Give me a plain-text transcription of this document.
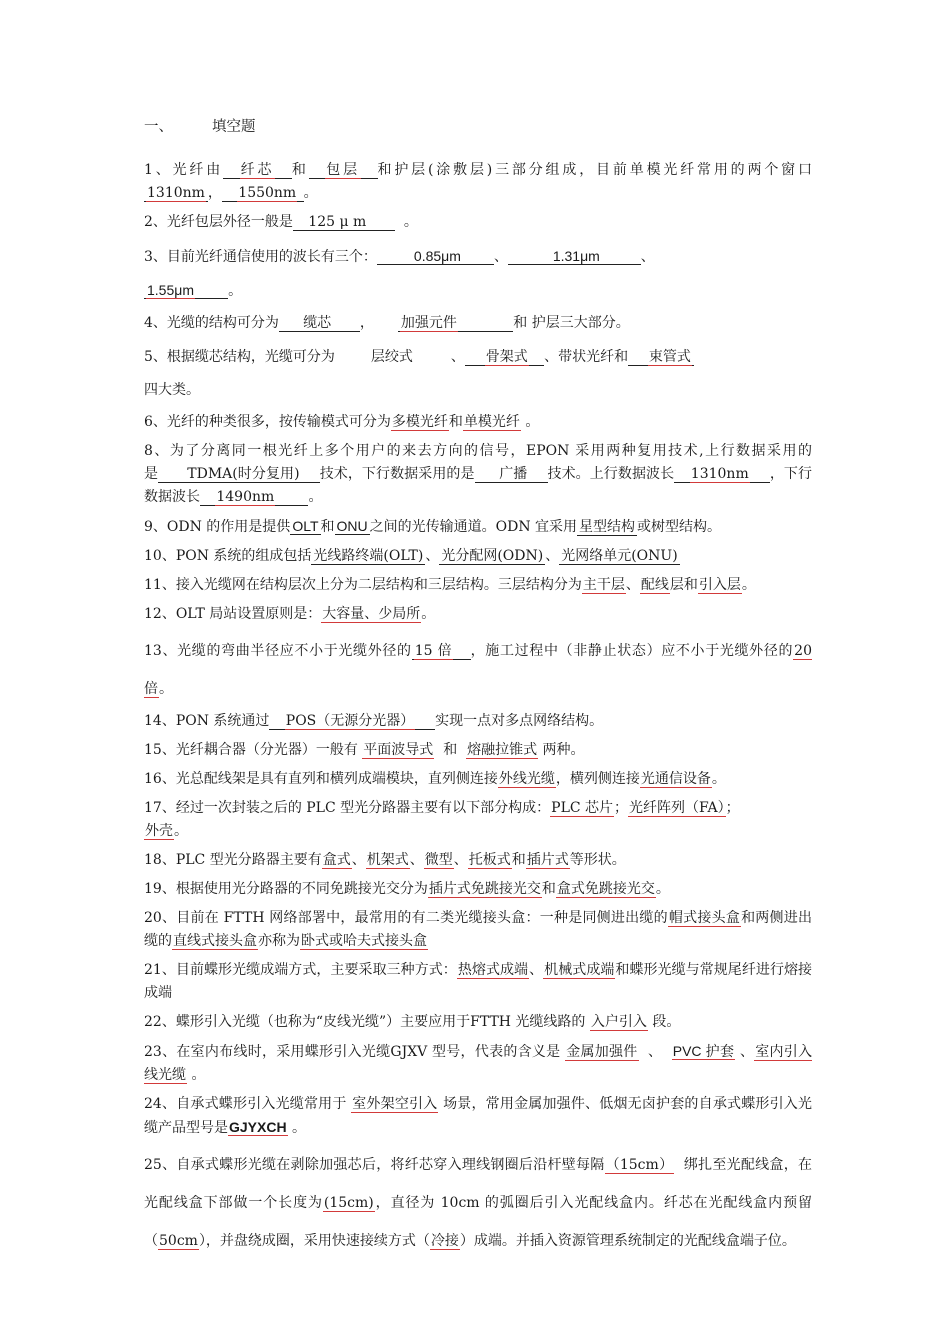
一、	填空题
1、光纤由 纤芯 和 包层 和护层(涂敷层)三部分组成，目前单模光纤常用的两个窗口1310nm ， 1550nm 。
2、光纤包层外径一般是 125 μ m	。
3、目前光纤通信使用的波长有三个：	0.85μm 、	1.31μm	、
1.55μm 。
4、光缆的结构可分为 缆芯 ， 加强元件	和 护层三大部分。
5、根据缆芯结构，光缆可分为	层绞式	、 骨架式 、带状光纤和 束管式
四大类。
6、光纤的种类很多，按传输模式可分为多模光纤和单模光纤 。
8、为了分离同一根光纤上多个用户的来去方向的信号，EPON 采用两种复用技术,上行数据采用的是 TDMA(时分复用) 技术，下行数据采用的是 广播 技术。上行数据波长 1310nm ，下行数据波长 1490nm 。
9、ODN 的作用是提供 OLT 和 ONU 之间的光传输通道。ODN 宜采用 星型结构 或树型结构。
10、PON 系统的组成包括 光线路终端(OLT) 、 光分配网(ODN) 、 光网络单元(ONU)
11、接入光缆网在结构层次上分为二层结构和三层结构。三层结构分为主干层、配线层和引入层。
12、OLT 局站设置原则是：大容量、少局所。
13、光缆的弯曲半径应不小于光缆外径的 15 倍 ，施工过程中（非静止状态）应不小于光缆外径的20 倍。
14、PON 系统通过 POS（无源分光器） 实现一点对多点网络结构。
15、光纤耦合器（分光器）一般有 平面波导式 和 熔融拉锥式 两种。
16、光总配线架是具有直列和横列成端模块，直列侧连接外线光缆，横列侧连接光通信设备。
17、经过一次封装之后的 PLC 型光分路器主要有以下部分构成：PLC 芯片；光纤阵列（FA）；
外壳。
18、PLC 型光分路器主要有盒式、机架式、微型、托板式和插片式等形状。
19、根据使用光分路器的不同免跳接光交分为插片式免跳接光交和盒式免跳接光交。
20、目前在 FTTH 网络部署中，最常用的有二类光缆接头盒：一种是同侧进出缆的帽式接头盒和两侧进出缆的直线式接头盒亦称为卧式或哈夫式接头盒
21、目前蝶形光缆成端方式，主要采取三种方式：热熔式成端、机械式成端和蝶形光缆与常规尾纤进行熔接成端
22、蝶形引入光缆（也称为“皮线光缆”）主要应用于FTTH 光缆线路的 入户引入 段。
23、在室内布线时，采用蝶形引入光缆GJXV 型号，代表的含义是 金属加强件 、 PVC 护套 、室内引入线光缆 。
24、自承式蝶形引入光缆常用于 室外架空引入 场景，常用金属加强件、低烟无卤护套的自承式蝶形引入光缆产品型号是GJYXCH 。
25、自承式蝶形光缆在剥除加强芯后，将纤芯穿入理线钢圈后沿杆壁每隔（15cm） 绑扎至光配线盒，在光配线盒下部做一个长度为(15cm)，直径为 10cm 的弧圈后引入光配线盒内。纤芯在光配线盒内预留（50cm），并盘绕成圈，采用快速接续方式（冷接）成端。并插入资源管理系统制定的光配线盒端子位。
